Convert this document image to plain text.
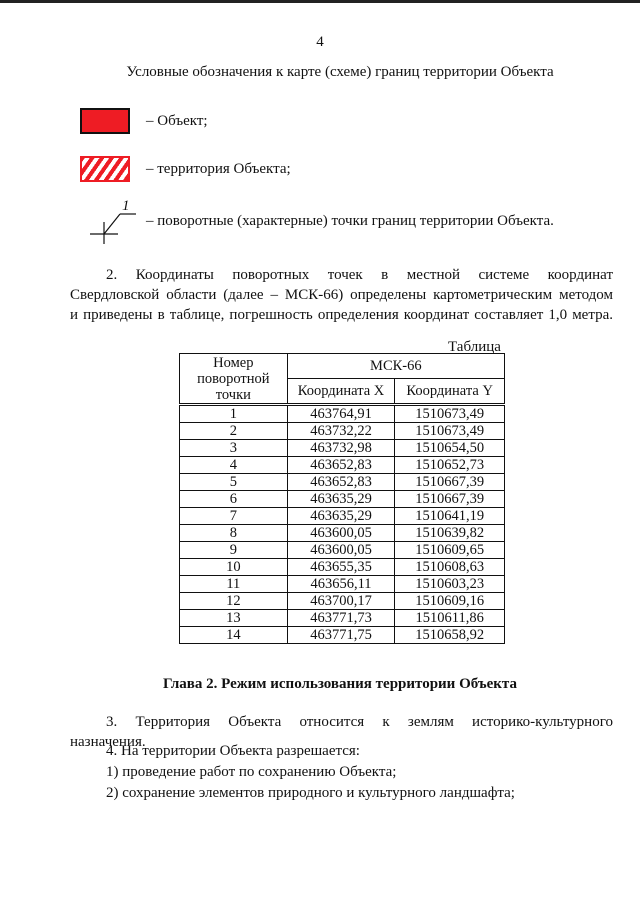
4
Условные обозначения к карте (схеме) границ территории Объекта
– Объект;
– территория Объекта;
1
– поворотные (характерные) точки границ территории Объекта.
2. Координаты поворотных точек в местной системе координат
Свердловской области (далее – МСК-66) определены картометрическим методом
и приведены в таблице, погрешность определения координат составляет 1,0 метра.
Таблица
Номер поворотной точки	МСК-66	
	Координата X	Координата Y
1	463764,91	1510673,49
2	463732,22	1510673,49
3	463732,98	1510654,50
4	463652,83	1510652,73
5	463652,83	1510667,39
6	463635,29	1510667,39
7	463635,29	1510641,19
8	463600,05	1510639,82
9	463600,05	1510609,65
10	463655,35	1510608,63
11	463656,11	1510603,23
12	463700,17	1510609,16
13	463771,73	1510611,86
14	463771,75	1510658,92
Глава 2. Режим использования территории Объекта
3. Территория Объекта относится к землям историко-культурного
назначения.
4. На территории Объекта разрешается:
1) проведение работ по сохранению Объекта;
2) сохранение элементов природного и культурного ландшафта;
